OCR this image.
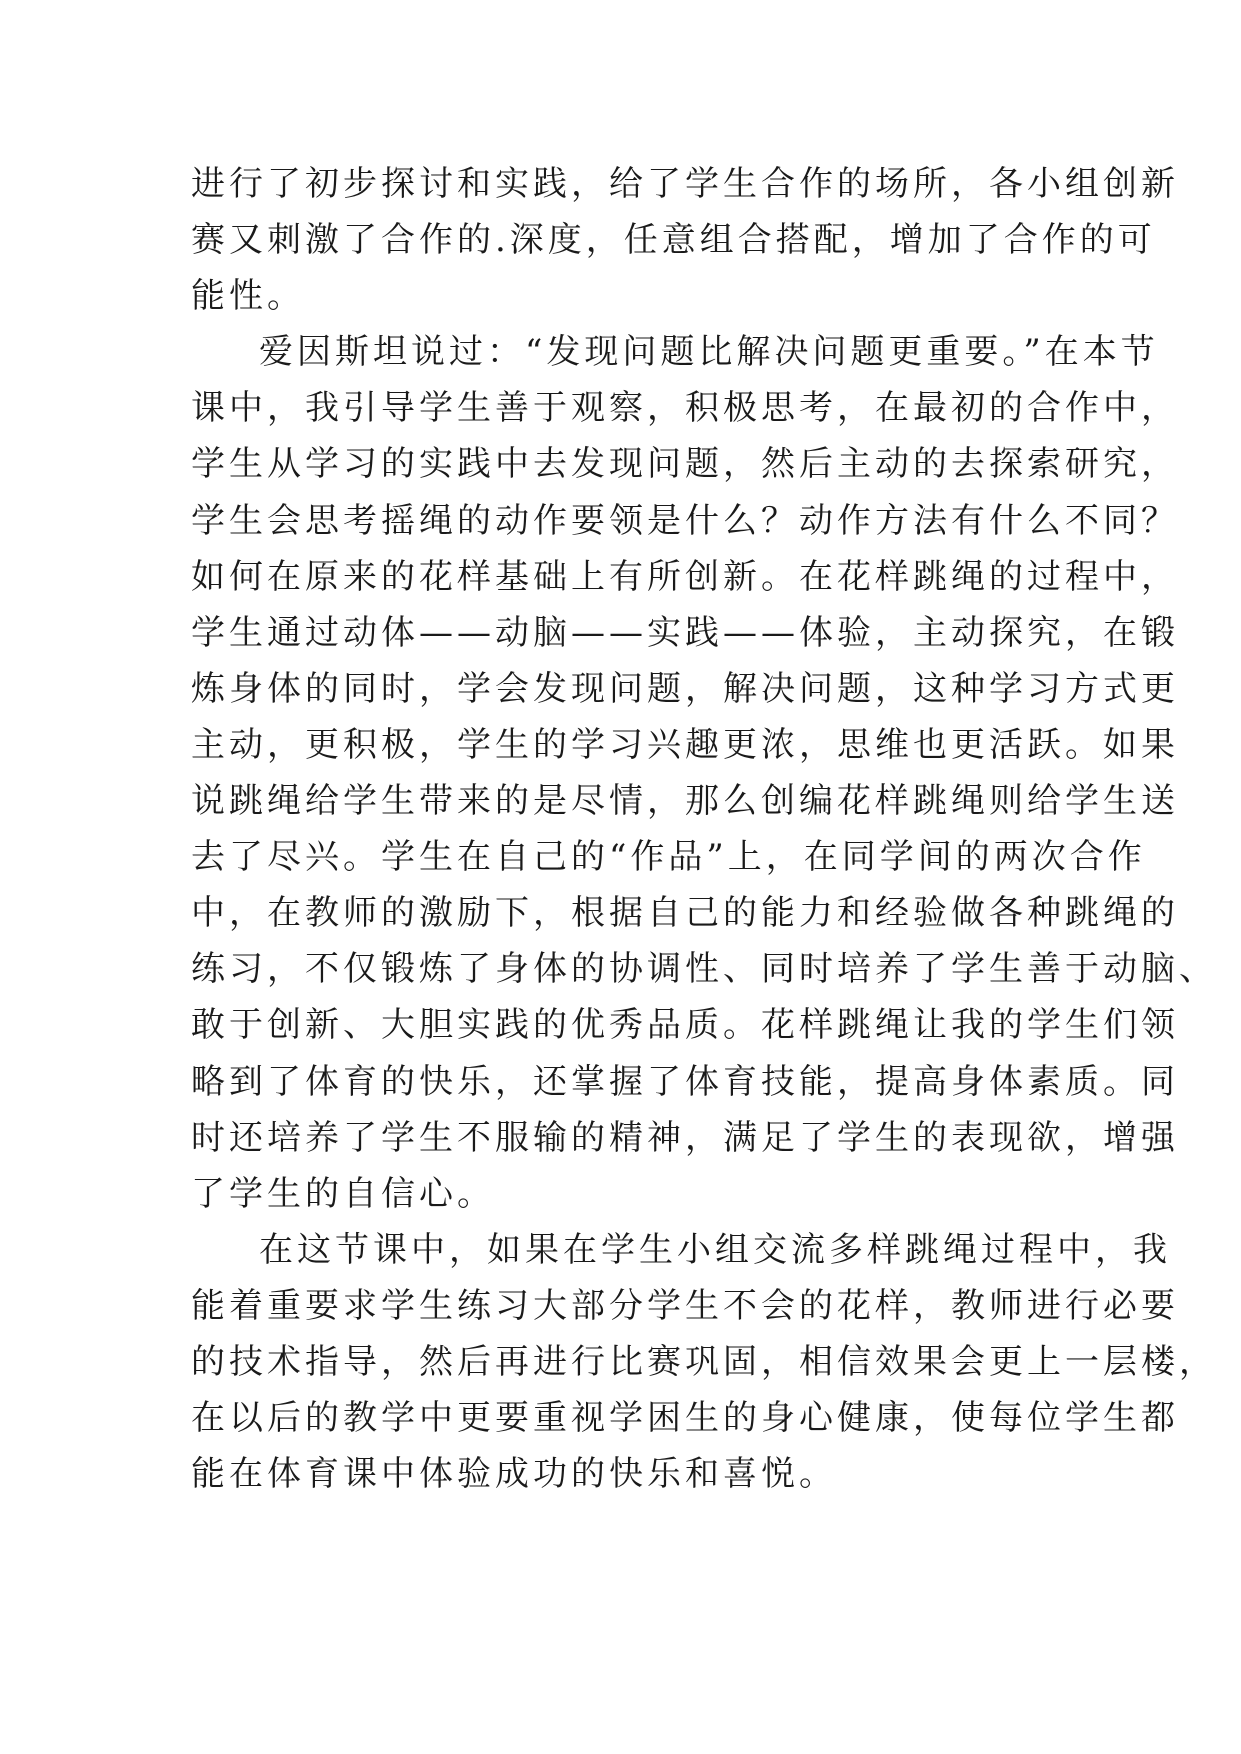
进行了初步探讨和实践，给了学生合作的场所，各小组创新
赛又刺激了合作的.深度，任意组合搭配，增加了合作的可
能性。
爱因斯坦说过：“发现问题比解决问题更重要。”在本节
课中，我引导学生善于观察，积极思考，在最初的合作中，
学生从学习的实践中去发现问题，然后主动的去探索研究，
学生会思考摇绳的动作要领是什么？动作方法有什么不同？
如何在原来的花样基础上有所创新。在花样跳绳的过程中，
学生通过动体——动脑——实践——体验，主动探究，在锻
炼身体的同时，学会发现问题，解决问题，这种学习方式更
主动，更积极，学生的学习兴趣更浓，思维也更活跃。如果
说跳绳给学生带来的是尽情，那么创编花样跳绳则给学生送
去了尽兴。学生在自己的“作品”上，在同学间的两次合作
中，在教师的激励下，根据自己的能力和经验做各种跳绳的
练习，不仅锻炼了身体的协调性、同时培养了学生善于动脑、
敢于创新、大胆实践的优秀品质。花样跳绳让我的学生们领
略到了体育的快乐，还掌握了体育技能，提高身体素质。同
时还培养了学生不服输的精神，满足了学生的表现欲，增强
了学生的自信心。
在这节课中，如果在学生小组交流多样跳绳过程中，我
能着重要求学生练习大部分学生不会的花样，教师进行必要
的技术指导，然后再进行比赛巩固，相信效果会更上一层楼，
在以后的教学中更要重视学困生的身心健康，使每位学生都
能在体育课中体验成功的快乐和喜悦。
